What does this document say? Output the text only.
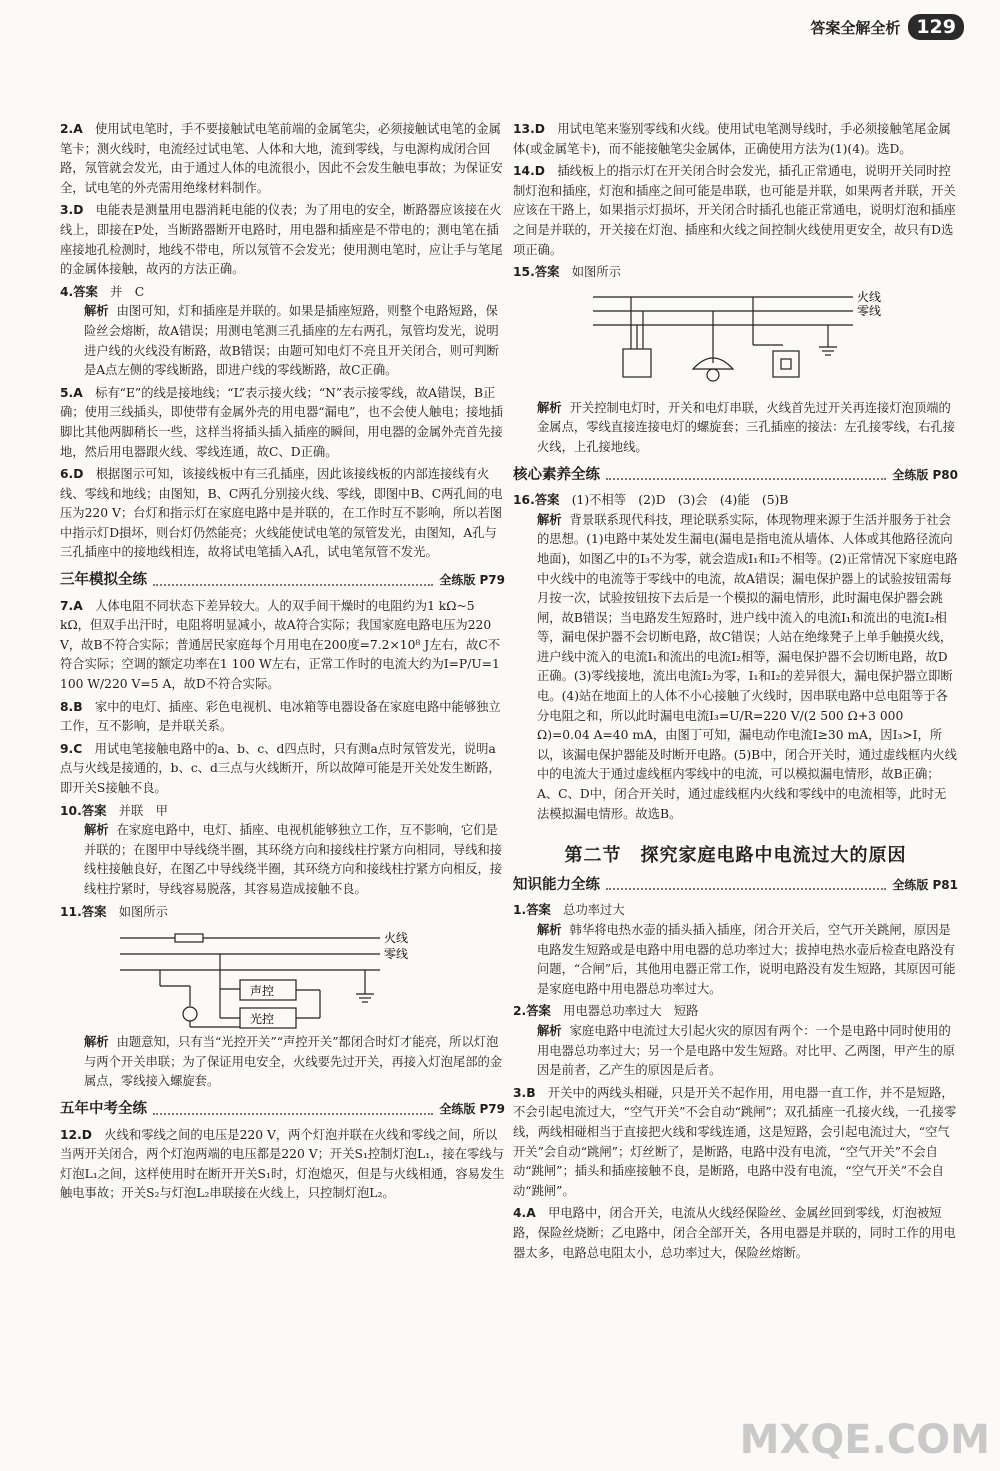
答案全解全析 129
2.A　 使用试电笔时，手不要接触试电笔前端的金属笔尖，必须接触试电笔的金属笔卡；测火线时，电流经过试电笔、人体和大地，流到零线，与电源构成闭合回路，氖管就会发光，由于通过人体的电流很小，因此不会发生触电事故；为保证安全，试电笔的外壳需用绝缘材料制作。
3.D　 电能表是测量用电器消耗电能的仪表；为了用电的安全，断路器应该接在火线上，即接在P处，当断路器断开电路时，用电器和插座是不带电的；测电笔在插座接地孔检测时，地线不带电，所以氖管不会发光；使用测电笔时，应让手与笔尾的金属体接触，故丙的方法正确。
4.答案　 并　C
解析 由图可知，灯和插座是并联的。如果是插座短路，则整个电路短路，保险丝会熔断，故A错误；用测电笔测三孔插座的左右两孔，氖管均发光，说明进户线的火线没有断路，故B错误；由题可知电灯不亮且开关闭合，则可判断是A点左侧的零线断路，即进户线的零线断路，故C正确。
5.A　 标有“E”的线是接地线；“L”表示接火线；“N”表示接零线，故A错误，B正确；使用三线插头，即使带有金属外壳的用电器“漏电”，也不会使人触电；接地插脚比其他两脚稍长一些，这样当将插头插入插座的瞬间，用电器的金属外壳首先接地，然后用电器跟火线、零线连通，故C、D正确。
6.D　 根据图示可知，该接线板中有三孔插座，因此该接线板的内部连接线有火线、零线和地线；由图知，B、C两孔分别接火线、零线，即图中B、C两孔间的电压为220 V；台灯和指示灯在家庭电路中是并联的，在工作时互不影响，所以若图中指示灯D損坏，则台灯仍然能亮；火线能使试电笔的氖管发光，由图知，A孔与三孔插座中的接地线相连，故将试电笔插入A孔，试电笔氖管不发光。
三年模拟全练	全练版 P79
7.A　 人体电阻不同状态下差异较大。人的双手间干燥时的电阻约为1 kΩ~5 kΩ，但双手出汗时，电阻将明显减小，故A符合实际；我国家庭电路电压为220 V，故B不符合实际；普通居民家庭每个月用电在200度=7.2×10⁸ J左右，故C不符合实际；空调的额定功率在1 100 W左右，正常工作时的电流大约为I=P/U=1 100 W/220 V=5 A，故D不符合实际。
8.B　 家中的电灯、插座、彩色电视机、电冰箱等电器设备在家庭电路中能够独立工作，互不影响，是并联关系。
9.C　 用试电笔接触电路中的a、b、c、d四点时，只有测a点时氖管发光，说明a点与火线是接通的，b、c、d三点与火线断开，所以故障可能是开关处发生断路，即开关S接触不良。
10.答案　 并联　甲
解析 在家庭电路中，电灯、插座、电视机能够独立工作，互不影响，它们是并联的；在图甲中导线绕半圈，其环绕方向和接线柱拧紧方向相同，导线和接线柱接触良好，在图乙中导线绕半圈，其环绕方向和接线柱拧紧方向相反，接线柱拧紧时，导线容易脱落，其容易造成接触不良。
11.答案　 如图所示
火线
零线
声控
光控
解析 由题意知，只有当“光控开关”“声控开关”都闭合时灯才能亮，所以灯泡与两个开关串联；为了保证用电安全，火线要先过开关，再接入灯泡尾部的金属点，零线接入螺旋套。
五年中考全练	全练版 P79
12.D　 火线和零线之间的电压是220 V，两个灯泡并联在火线和零线之间，所以当两开关闭合，两个灯泡两端的电压都是220 V；开关S₁控制灯泡L₁，接在零线与灯泡L₁之间，这样使用时在断开开关S₁时，灯泡熄灭，但是与火线相通，容易发生触电事故；开关S₂与灯泡L₂串联接在火线上，只控制灯泡L₂。
13.D　 用试电笔来鉴别零线和火线。使用试电笔测导线时，手必须接触笔尾金属体(或金属笔卡)，而不能接触笔尖金属体，正确使用方法为(1)(4)。选D。
14.D　 插线板上的指示灯在开关闭合时会发光，插孔正常通电，说明开关同时控制灯泡和插座，灯泡和插座之间可能是串联，也可能是并联，如果两者并联，开关应该在干路上，如果指示灯损坏，开关闭合时插孔也能正常通电，说明灯泡和插座之间是并联的，开关接在灯泡、插座和火线之间控制火线使用更安全，故只有D选项正确。
15.答案　 如图所示
火线
零线
解析 开关控制电灯时，开关和电灯串联，火线首先过开关再连接灯泡顶端的金属点，零线直接连接电灯的螺旋套；三孔插座的接法：左孔接零线，右孔接火线，上孔接地线。
核心素养全练	全练版 P80
16.答案　 (1)不相等　(2)D　(3)会　(4)能　(5)B
解析 背景联系现代科技，理论联系实际，体现物理来源于生活并服务于社会的思想。(1)电路中某处发生漏电(漏电是指电流从墙体、人体或其他路径流向地面)，如图乙中的I₃不为零，就会造成I₁和I₂不相等。(2)正常情况下家庭电路中火线中的电流等于零线中的电流，故A错误；漏电保护器上的试验按钮需每月按一次，试验按钮按下去后是一个模拟的漏电情形，此时漏电保护器会跳闸，故B错误；当电路发生短路时，进户线中流入的电流I₁和流出的电流I₂相等，漏电保护器不会切断电路，故C错误；人站在绝缘凳子上单手触摸火线，进户线中流入的电流I₁和流出的电流I₂相等，漏电保护器不会切断电路，故D正确。(3)零线接地，流出电流I₂为零，I₁和I₂的差异很大，漏电保护器立即断电。(4)站在地面上的人体不小心接触了火线时，因串联电路中总电阻等于各分电阻之和，所以此时漏电电流I₃=U/R=220 V/(2 500 Ω+3 000 Ω)=0.04 A=40 mA，由图丁可知，漏电动作电流I≥30 mA，因I₃>I，所以，该漏电保护器能及时断开电路。(5)B中，闭合开关时，通过虚线框内火线中的电流大于通过虚线框内零线中的电流，可以模拟漏电情形，故B正确；A、C、D中，闭合开关时，通过虚线框内火线和零线中的电流相等，此时无法模拟漏电情形。故选B。
第二节　探究家庭电路中电流过大的原因
知识能力全练	全练版 P81
1.答案　 总功率过大
解析 韩华将电热水壶的插头插入插座，闭合开关后，空气开关跳闸，原因是电路发生短路或是电路中用电器的总功率过大；拔掉电热水壶后检查电路没有问题，“合闸”后，其他用电器正常工作，说明电路没有发生短路，其原因可能是家庭电路中用电器总功率过大。
2.答案　 用电器总功率过大　短路
解析 家庭电路中电流过大引起火灾的原因有两个：一个是电路中同时使用的用电器总功率过大；另一个是电路中发生短路。对比甲、乙两图，甲产生的原因是前者，乙产生的原因是后者。
3.B　 开关中的两线头相碰，只是开关不起作用，用电器一直工作，并不是短路，不会引起电流过大，“空气开关”不会自动“跳闸”；双孔插座一孔接火线，一孔接零线，两线相碰相当于直接把火线和零线连通，这是短路，会引起电流过大，“空气开关”会自动“跳闸”；灯丝断了，是断路，电路中没有电流，“空气开关”不会自动“跳闸”；插头和插座接触不良，是断路，电路中没有电流，“空气开关”不会自动“跳闸”。
4.A　 甲电路中，闭合开关，电流从火线经保险丝、金属丝回到零线，灯泡被短路，保险丝烧断；乙电路中，闭合全部开关，各用电器是并联的，同时工作的用电器太多，电路总电阻太小，总功率过大，保险丝熔断。
MXQE.COM
